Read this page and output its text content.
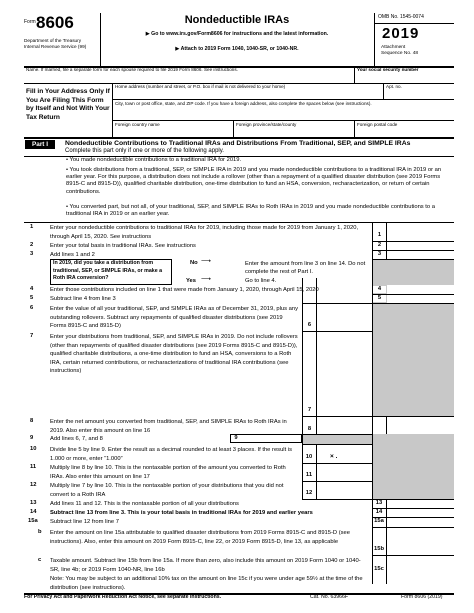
Form 8606
Department of the Treasury
Internal Revenue Service (99)
Nondeductible IRAs
▶ Go to www.irs.gov/Form8606 for instructions and the latest information.
▶ Attach to 2019 Form 1040, 1040-SR, or 1040-NR.
OMB No. 1545-0074
2019
Attachment
Sequence No. 48
Name. If married, file a separate form for each spouse required to file 2019 Form 8606. See instructions.	Your social security number
Fill in Your Address Only If You Are Filing This Form by Itself and Not With Your Tax Return
Home address (number and street, or P.O. box if mail is not delivered to your home)	Apt. no.
City, town or post office, state, and ZIP code. If you have a foreign address, also complete the spaces below (see instructions).
Foreign country name	Foreign province/state/county	Foreign postal code
Part I	Nondeductible Contributions to Traditional IRAs and Distributions From Traditional, SEP, and SIMPLE IRAs
Complete this part only if one or more of the following apply.
• You made nondeductible contributions to a traditional IRA for 2019.
• You took distributions from a traditional, SEP, or SIMPLE IRA in 2019 and you made nondeductible contributions to a traditional IRA in 2019 or an earlier year. For this purpose, a distribution does not include a rollover (other than a repayment of a qualified disaster distribution (see 2019 Forms 8915-C and 8915-D)), qualified charitable distribution, one-time distribution to fund an HSA, conversion, recharacterization, or return of certain contributions.
• You converted part, but not all, of your traditional, SEP, and SIMPLE IRAs to Roth IRAs in 2019 and you made nondeductible contributions to a traditional IRA in 2019 or an earlier year.
1	Enter your nondeductible contributions to traditional IRAs for 2019, including those made for 2019 from January 1, 2020, through April 15, 2020. See instructions	1
2	Enter your total basis in traditional IRAs. See instructions	2
3	Add lines 1 and 2	3
In 2019, did you take a distribution from traditional, SEP, or SIMPLE IRAs, or make a Roth IRA conversion?
No ⟶	Enter the amount from line 3 on line 14. Do not complete the rest of Part I.
Yes ⟶	Go to line 4.
4	Enter those contributions included on line 1 that were made from January 1, 2020, through April 15, 2020	4
5	Subtract line 4 from line 3	5
6	Enter the value of all your traditional, SEP, and SIMPLE IRAs as of December 31, 2019, plus any outstanding rollovers. Subtract any repayments of qualified disaster distributions (see 2019 Forms 8915-C and 8915-D)	6
7	Enter your distributions from traditional, SEP, and SIMPLE IRAs in 2019. Do not include rollovers (other than repayments of qualified disaster distributions (see 2019 Forms 8915-C and 8915-D)), qualified charitable distributions, a one-time distribution to fund an HSA, conversions to a Roth IRA, certain returned contributions, or recharacterizations of traditional IRA contributions (see instructions)
7
8	Enter the net amount you converted from traditional, SEP, and SIMPLE IRAs to Roth IRAs in 2019. Also enter this amount on line 16	8
9	Add lines 6, 7, and 8	9
10 Divide line 5 by line 9. Enter the result as a decimal rounded to at least 3 places. If the result is 1.000 or more, enter “1.000”	10	× .
11 Multiply line 8 by line 10. This is the nontaxable portion of the amount you converted to Roth IRAs. Also enter this amount on line 17	11
12 Multiply line 7 by line 10. This is the nontaxable portion of your distributions that you did not convert to a Roth IRA	12
13 Add lines 11 and 12. This is the nontaxable portion of all your distributions	13
14 Subtract line 13 from line 3. This is your total basis in traditional IRAs for 2019 and earlier years	14
15a Subtract line 12 from line 7	15a
b Enter the amount on line 15a attributable to qualified disaster distributions from 2019 Forms 8915-C and 8915-D (see instructions). Also, enter this amount on 2019 Form 8915-C, line 22, or 2019 Form 8915-D, line 13, as applicable
15b
c Taxable amount. Subtract line 15b from line 15a. If more than zero, also include this amount on 2019 Form 1040 or 1040-SR, line 4b; or 2019 Form 1040-NR, line 16b	15c
Note: You may be subject to an additional 10% tax on the amount on line 15c if you were under age 59½ at the time of the distribution (see instructions).
For Privacy Act and Paperwork Reduction Act Notice, see separate instructions.	Cat. No. 63966F	Form 8606 (2019)
